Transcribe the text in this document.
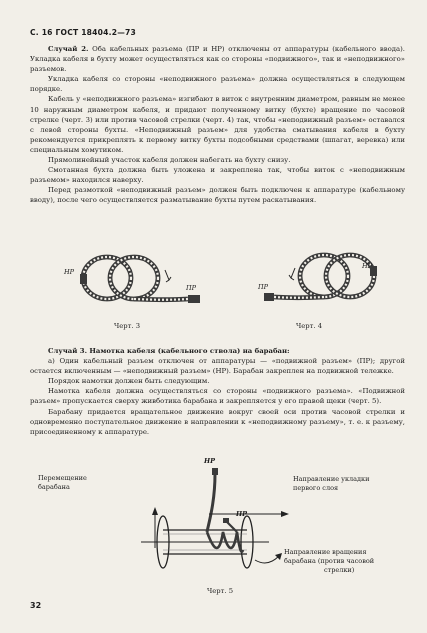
С. 16 ГОСТ 18404.2—73

Случай 2. Оба кабельных разъема (ПР и НР) отключены от аппаратуры (кабельного ввода). Укладка кабеля в бухту может осуществляться как со стороны «подвижного», так и «неподвижного» разъемов.

Укладка кабеля со стороны «неподвижного разъема» должна осуществляться в следующем порядке.

Кабель у «неподвижного разъема» изгибают в виток с внутренним диаметром, равным не менее 10 наружным диаметром кабеля, и придают полученному витку (бухте) вращение по часовой стрелке (черт. 3) или против часовой стрелки (черт. 4) так, чтобы «неподвижный разъем» оставался с левой стороны бухты. «Неподвижный разъем» для удобства сматывания кабеля в бухту рекомендуется прикреплять к первому витку бухты подсобными средствами (шпагат, веревка) или специальным хомутиком.

Прямолинейный участок кабеля должен набегать на бухту снизу.

Смотанная бухта должна быть уложена и закреплена так, чтобы виток с «неподвижным разъемом» находился наверху.

Перед размоткой «неподвижный разъем» должен быть подключен к аппаратуре (кабельному вводу), после чего осуществляется разматывание бухты путем раскатывания.

НР
ПР
Черт. 3
НР
ПР
Черт. 4

Случай 3. Намотка кабеля (кабельного ствола) на барабан:

а) Один кабельный разъем отключен от аппаратуры — «подвижной разъем» (ПР); другой остается включенным — «неподвижный разъем» (НР). Барабан закреплен на подвижной тележке.

Порядок намотки должен быть следующим.

Намотка кабеля должна осуществляться со стороны «подвижного разъема». «Подвижной разъем» пропускается сверху живботика барабана и закрепляется у его правой щеки (черт. 5).

Барабану придается вращательное движение вокруг своей оси против часовой стрелки и одновременно поступательное движение в направлении к «неподвижному разъему», т. е. к разъему, присоединенному к аппаратуре.

Перемещение
барабана
Направление укладки
первого слоя
Направление вращения
барабана (против часовой
стрелки)
НР
ПР
Черт. 5
32
